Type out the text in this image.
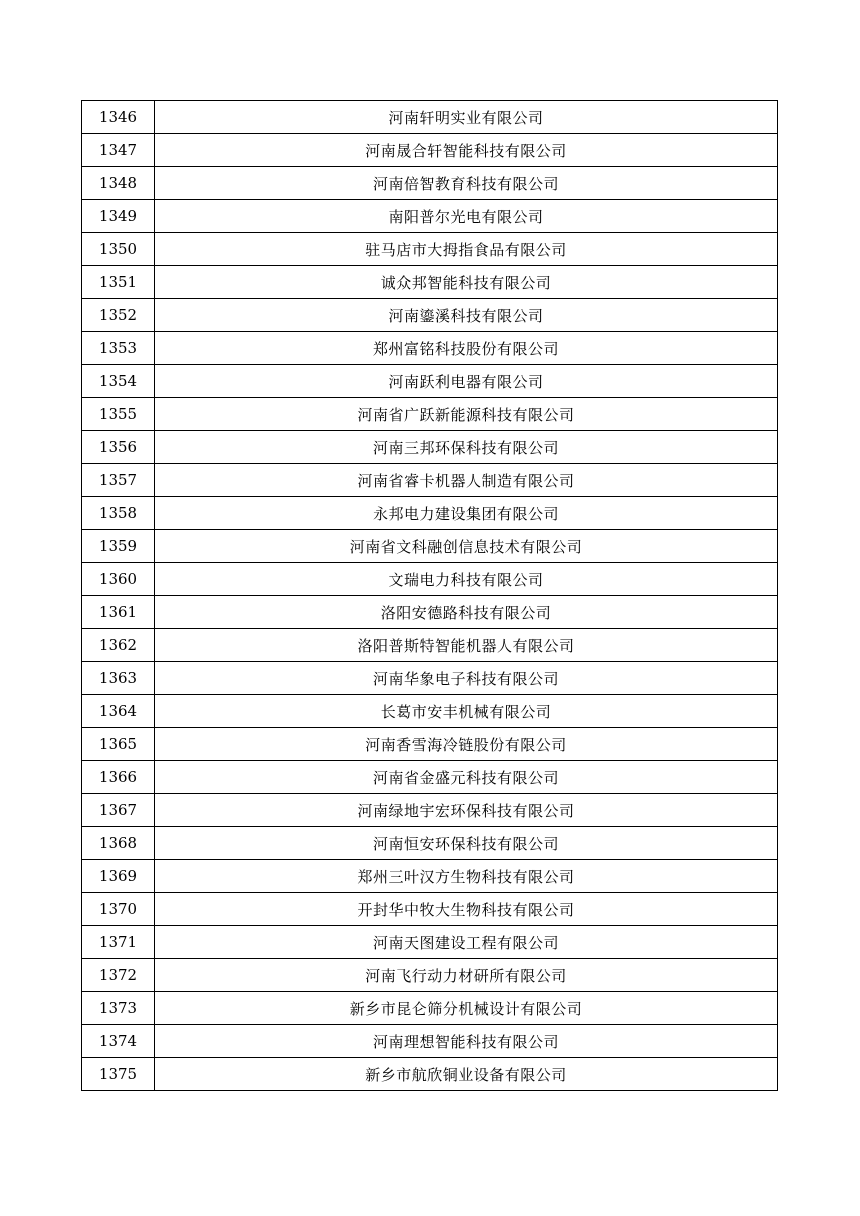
1346	河南轩明实业有限公司
1347	河南晟合轩智能科技有限公司
1348	河南倍智教育科技有限公司
1349	南阳普尔光电有限公司
1350	驻马店市大拇指食品有限公司
1351	诚众邦智能科技有限公司
1352	河南鎏溪科技有限公司
1353	郑州富铭科技股份有限公司
1354	河南跃利电器有限公司
1355	河南省广跃新能源科技有限公司
1356	河南三邦环保科技有限公司
1357	河南省睿卡机器人制造有限公司
1358	永邦电力建设集团有限公司
1359	河南省文科融创信息技术有限公司
1360	文瑞电力科技有限公司
1361	洛阳安德路科技有限公司
1362	洛阳普斯特智能机器人有限公司
1363	河南华象电子科技有限公司
1364	长葛市安丰机械有限公司
1365	河南香雪海冷链股份有限公司
1366	河南省金盛元科技有限公司
1367	河南绿地宇宏环保科技有限公司
1368	河南恒安环保科技有限公司
1369	郑州三叶汉方生物科技有限公司
1370	开封华中牧大生物科技有限公司
1371	河南天图建设工程有限公司
1372	河南飞行动力材研所有限公司
1373	新乡市昆仑筛分机械设计有限公司
1374	河南理想智能科技有限公司
1375	新乡市航欣铜业设备有限公司
